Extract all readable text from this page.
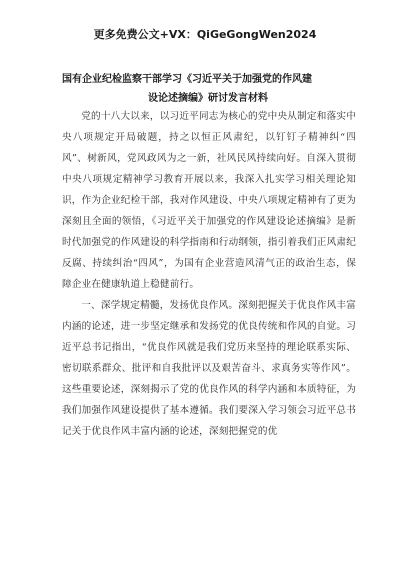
更多免费公文+VX：QiGeGongWen2024
国有企业纪检监察干部学习《习近平关于加强党的作风建
设论述摘编》研讨发言材料

党的十八大以来，以习近平同志为核心的党中央从制定和落实中央八项规定开局破题，持之以恒正风肃纪，以钉钉子精神纠“四风”、树新风，党风政风为之一新，社风民风持续向好。自深入贯彻中央八项规定精神学习教育开展以来，我深入扎实学习相关理论知识，作为企业纪检干部，我对作风建设、中央八项规定精神有了更为深刻且全面的领悟，《习近平关于加强党的作风建设论述摘编》是新时代加强党的作风建设的科学指南和行动纲领，指引着我们正风肃纪反腐、持续纠治“四风”，为国有企业营造风清气正的政治生态，保障企业在健康轨道上稳健前行。

一、深学规定精髓，发扬优良作风。深刻把握关于优良作风丰富内涵的论述，进一步坚定继承和发扬党的优良传统和作风的自觉。习近平总书记指出，“优良作风就是我们党历来坚持的理论联系实际、密切联系群众、批评和自我批评以及艰苦奋斗、求真务实等作风”。这些重要论述，深刻揭示了党的优良作风的科学内涵和本质特征，为我们加强作风建设提供了基本遵循。我们要深入学习领会习近平总书记关于优良作风丰富内涵的论述，深刻把握党的优
